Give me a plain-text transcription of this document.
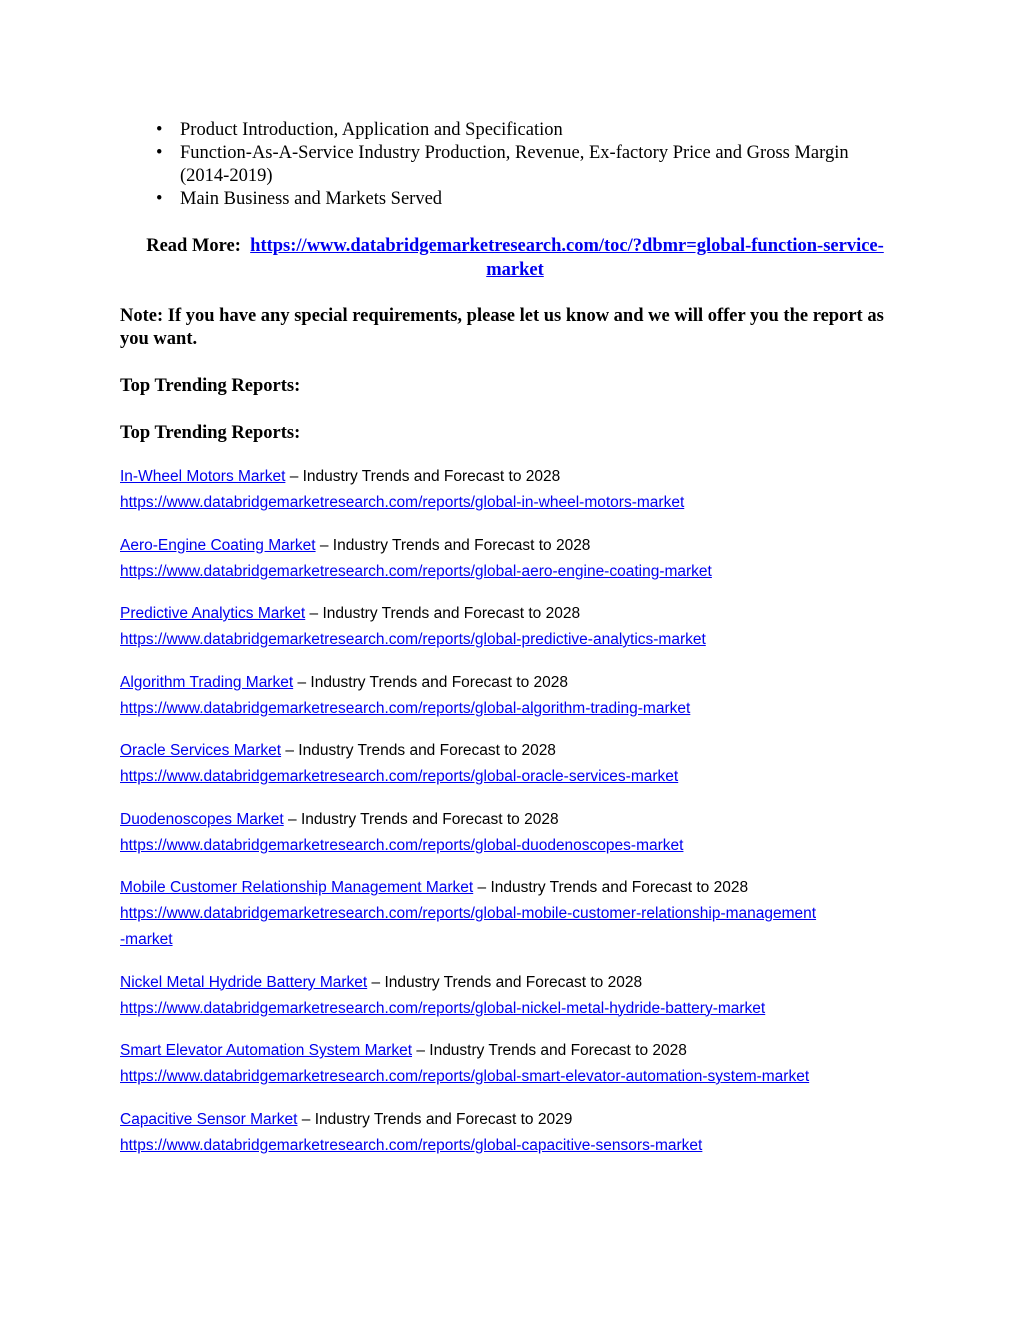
• Product Introduction, Application and Specification
• Function-As-A-Service Industry Production, Revenue, Ex-factory Price and Gross Margin (2014-2019)
• Main Business and Markets Served
Read More: https://www.databridgemarketresearch.com/toc/?dbmr=global-function-service-market

Note: If you have any special requirements, please let us know and we will offer you the report as you want.

Top Trending Reports:

Top Trending Reports:

In-Wheel Motors Market – Industry Trends and Forecast to 2028
https://www.databridgemarketresearch.com/reports/global-in-wheel-motors-market
Aero-Engine Coating Market – Industry Trends and Forecast to 2028
https://www.databridgemarketresearch.com/reports/global-aero-engine-coating-market
Predictive Analytics Market – Industry Trends and Forecast to 2028
https://www.databridgemarketresearch.com/reports/global-predictive-analytics-market
Algorithm Trading Market – Industry Trends and Forecast to 2028
https://www.databridgemarketresearch.com/reports/global-algorithm-trading-market
Oracle Services Market – Industry Trends and Forecast to 2028
https://www.databridgemarketresearch.com/reports/global-oracle-services-market
Duodenoscopes Market – Industry Trends and Forecast to 2028
https://www.databridgemarketresearch.com/reports/global-duodenoscopes-market
Mobile Customer Relationship Management Market – Industry Trends and Forecast to 2028
https://www.databridgemarketresearch.com/reports/global-mobile-customer-relationship-management-market
Nickel Metal Hydride Battery Market – Industry Trends and Forecast to 2028
https://www.databridgemarketresearch.com/reports/global-nickel-metal-hydride-battery-market
Smart Elevator Automation System Market – Industry Trends and Forecast to 2028
https://www.databridgemarketresearch.com/reports/global-smart-elevator-automation-system-market
Capacitive Sensor Market – Industry Trends and Forecast to 2029
https://www.databridgemarketresearch.com/reports/global-capacitive-sensors-market
